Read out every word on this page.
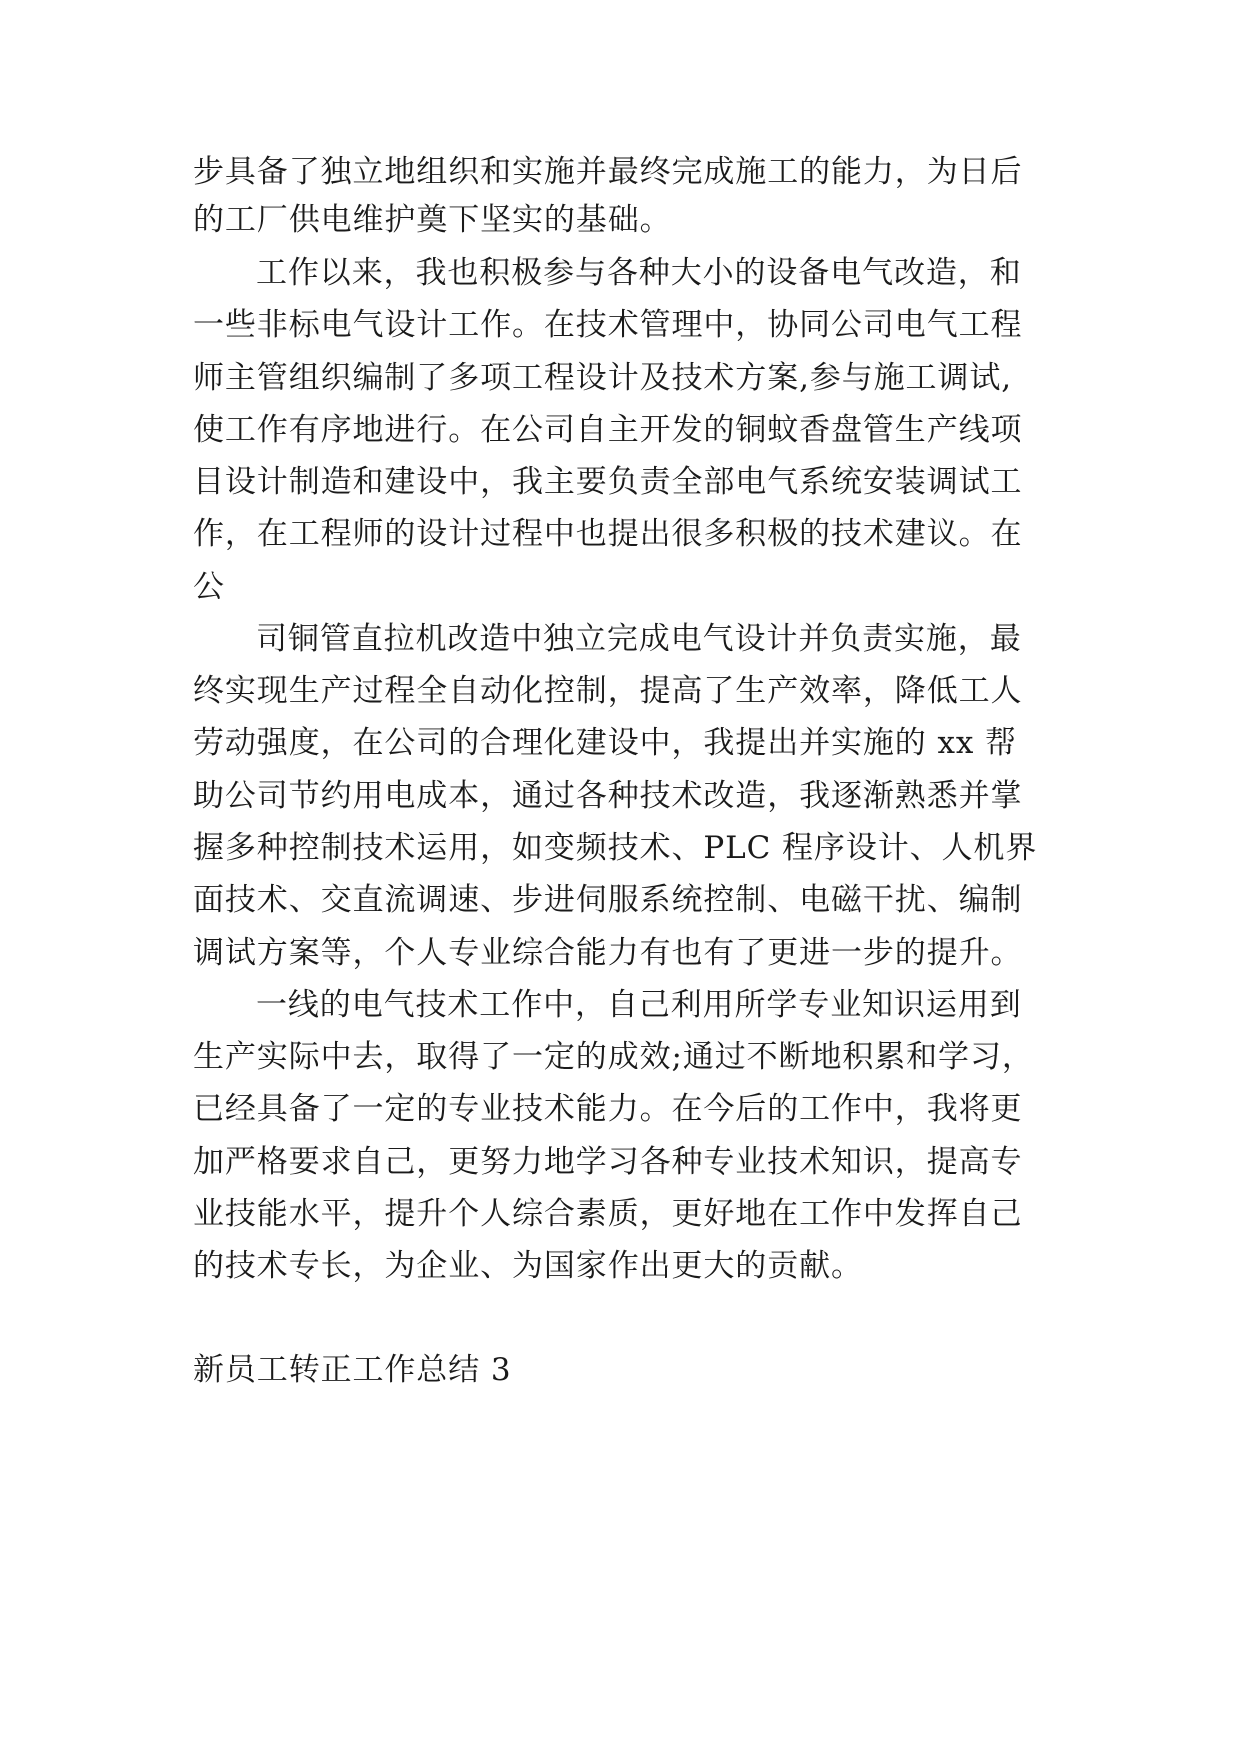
步具备了独立地组织和实施并最终完成施工的能力，为日后
的工厂供电维护奠下坚实的基础。
工作以来，我也积极参与各种大小的设备电气改造，和
一些非标电气设计工作。在技术管理中，协同公司电气工程
师主管组织编制了多项工程设计及技术方案,参与施工调试,
使工作有序地进行。在公司自主开发的铜蚊香盘管生产线项
目设计制造和建设中，我主要负责全部电气系统安装调试工
作，在工程师的设计过程中也提出很多积极的技术建议。在
公
司铜管直拉机改造中独立完成电气设计并负责实施，最
终实现生产过程全自动化控制，提高了生产效率，降低工人
劳动强度，在公司的合理化建设中，我提出并实施的 xx 帮
助公司节约用电成本，通过各种技术改造，我逐渐熟悉并掌
握多种控制技术运用，如变频技术、PLC 程序设计、人机界
面技术、交直流调速、步进伺服系统控制、电磁干扰、编制
调试方案等，个人专业综合能力有也有了更进一步的提升。
一线的电气技术工作中，自己利用所学专业知识运用到
生产实际中去，取得了一定的成效;通过不断地积累和学习，
已经具备了一定的专业技术能力。在今后的工作中，我将更
加严格要求自己，更努力地学习各种专业技术知识，提高专
业技能水平，提升个人综合素质，更好地在工作中发挥自己
的技术专长，为企业、为国家作出更大的贡献。
新员工转正工作总结 3
